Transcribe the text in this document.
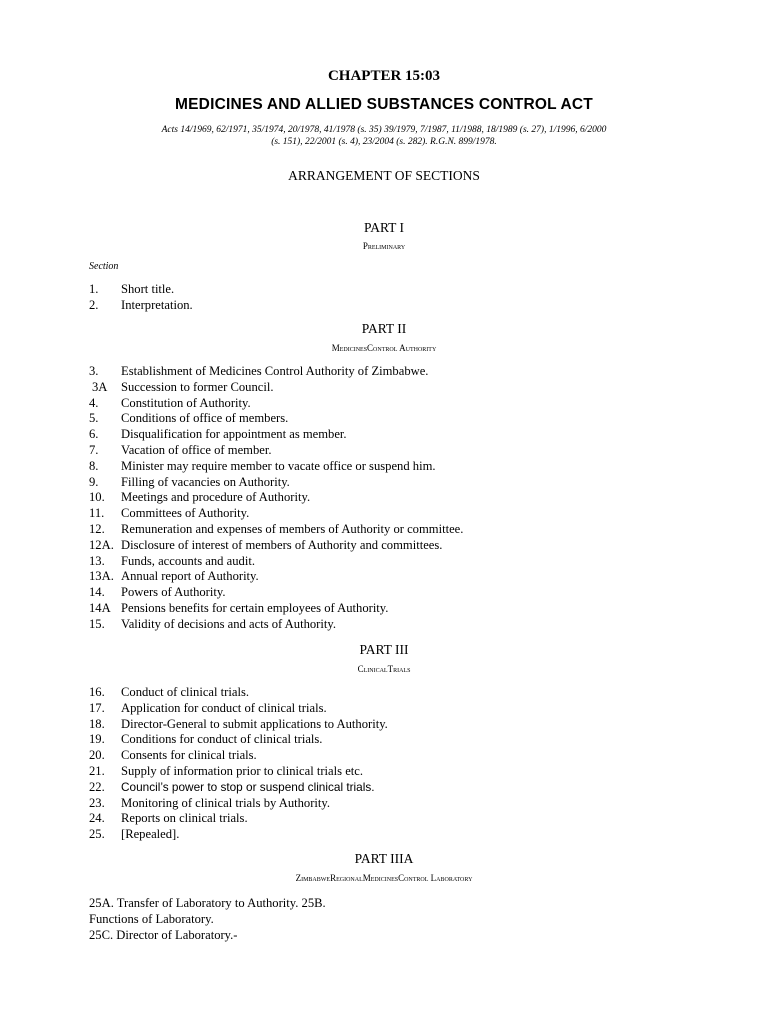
CHAPTER 15:03
MEDICINES AND ALLIED SUBSTANCES CONTROL ACT
Acts 14/1969, 62/1971, 35/1974, 20/1978, 41/1978 (s. 35) 39/1979, 7/1987, 11/1988, 18/1989 (s. 27), 1/1996, 6/2000
(s. 151), 22/2001 (s. 4), 23/2004 (s. 282). R.G.N. 899/1978.
ARRANGEMENT OF SECTIONS
PART I
Preliminary
Section
1. Short title.
2. Interpretation.
PART II
MedicinesControl Authority
3. Establishment of Medicines Control Authority of Zimbabwe.
3A Succession to former Council.
4. Constitution of Authority.
5. Conditions of office of members.
6. Disqualification for appointment as member.
7. Vacation of office of member.
8. Minister may require member to vacate office or suspend him.
9. Filling of vacancies on Authority.
10. Meetings and procedure of Authority.
11. Committees of Authority.
12. Remuneration and expenses of members of Authority or committee.
12A. Disclosure of interest of members of Authority and committees.
13. Funds, accounts and audit.
13A. Annual report of Authority.
14. Powers of Authority.
14A Pensions benefits for certain employees of Authority.
15. Validity of decisions and acts of Authority.
PART III
ClinicalTrials
16. Conduct of clinical trials.
17. Application for conduct of clinical trials.
18. Director-General to submit applications to Authority.
19. Conditions for conduct of clinical trials.
20. Consents for clinical trials.
21. Supply of information prior to clinical trials etc.
22. Council’s power to stop or suspend clinical trials.
23. Monitoring of clinical trials by Authority.
24. Reports on clinical trials.
25. [Repealed].
PART IIIA
ZimbabweRegionalMedicinesControl Laboratory
25A. Transfer of Laboratory to Authority. 25B.
Functions of Laboratory.
25C. Director of Laboratory.-
